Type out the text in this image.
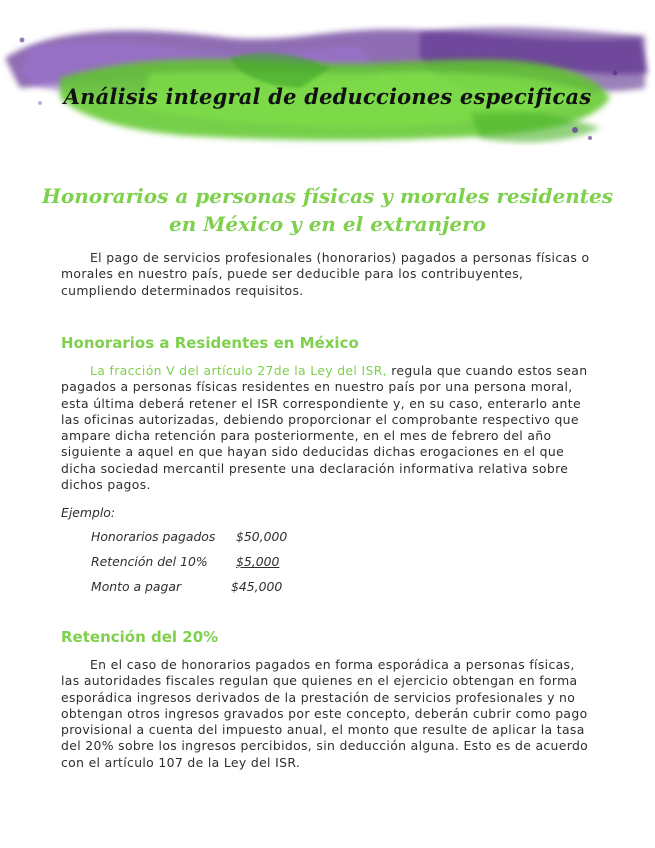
Análisis integral de deducciones especificas
Honorarios a personas físicas y morales residentes en México y en el extranjero
El pago de servicios profesionales (honorarios) pagados a personas físicas o morales en nuestro país, puede ser deducible para los contribuyentes, cumpliendo determinados requisitos.
Honorarios a Residentes en México
La fracción V del artículo 27de la Ley del ISR, regula que cuando estos sean pagados a personas físicas residentes en nuestro país por una persona moral, esta última deberá retener el ISR correspondiente y, en su caso, enterarlo ante las oficinas autorizadas, debiendo proporcionar el comprobante respectivo que ampare dicha retención para posteriormente, en el mes de febrero del año siguiente a aquel en que hayan sido deducidas dichas erogaciones en el que dicha sociedad mercantil presente una declaración informativa relativa sobre dichos pagos.
Ejemplo:
Honorarios pagados $50,000
Retención del 10% $5,000
Monto a pagar	$45,000
Retención del 20%
En el caso de honorarios pagados en forma esporádica a personas físicas, las autoridades fiscales regulan que quienes en el ejercicio obtengan en forma esporádica ingresos derivados de la prestación de servicios profesionales y no obtengan otros ingresos gravados por este concepto, deberán cubrir como pago provisional a cuenta del impuesto anual, el monto que resulte de aplicar la tasa del 20% sobre los ingresos percibidos, sin deducción alguna. Esto es de acuerdo con el artículo 107 de la Ley del ISR.
